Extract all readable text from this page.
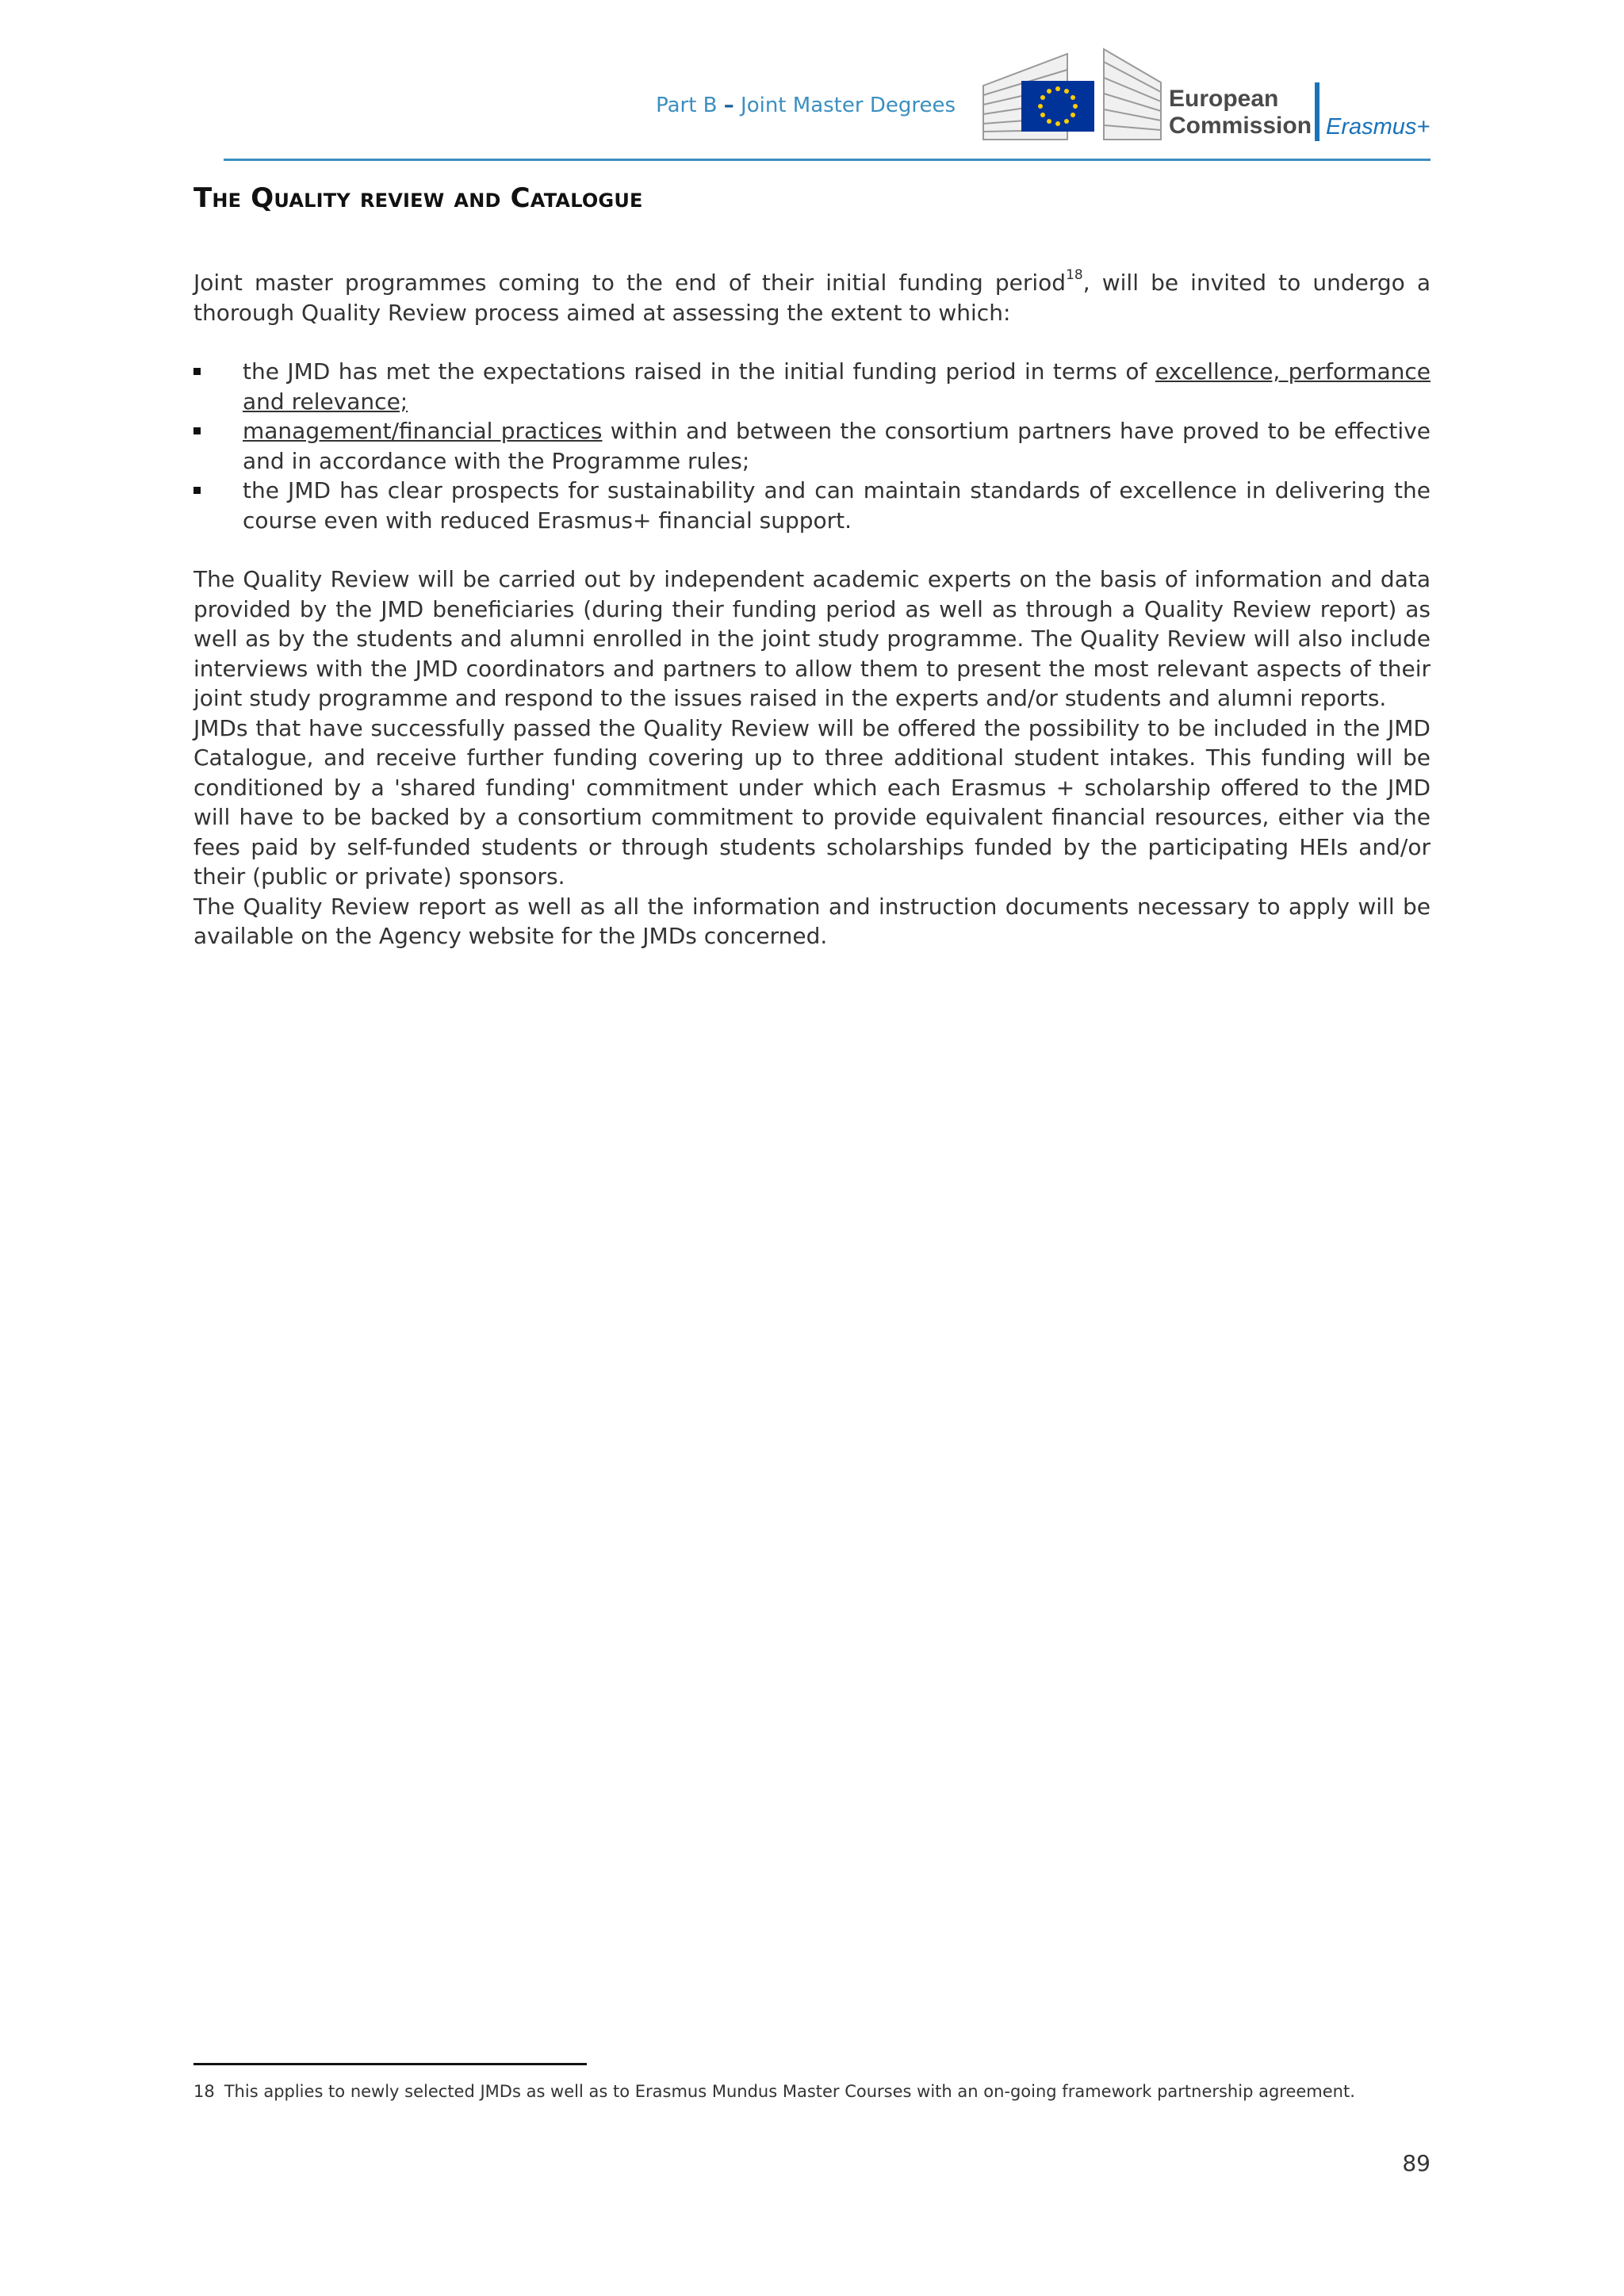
Part B – Joint Master Degrees	European
Commission Erasmus+
The Quality review and Catalogue

Joint master programmes coming to the end of their initial funding period$^{18}$, will be invited to undergo a thorough Quality Review process aimed at assessing the extent to which:

the JMD has met the expectations raised in the initial funding period in terms of excellence, performance and relevance;
management/financial practices within and between the consortium partners have proved to be effective and in accordance with the Programme rules;
the JMD has clear prospects for sustainability and can maintain standards of excellence in delivering the course even with reduced Erasmus+ financial support.

The Quality Review will be carried out by independent academic experts on the basis of information and data provided by the JMD beneficiaries (during their funding period as well as through a Quality Review report) as well as by the students and alumni enrolled in the joint study programme. The Quality Review will also include interviews with the JMD coordinators and partners to allow them to present the most relevant aspects of their joint study programme and respond to the issues raised in the experts and/or students and alumni reports.

JMDs that have successfully passed the Quality Review will be offered the possibility to be included in the JMD Catalogue, and receive further funding covering up to three additional student intakes. This funding will be conditioned by a 'shared funding' commitment under which each Erasmus + scholarship offered to the JMD will have to be backed by a consortium commitment to provide equivalent financial resources, either via the fees paid by self-funded students or through students scholarships funded by the participating HEIs and/or their (public or private) sponsors.

The Quality Review report as well as all the information and instruction documents necessary to apply will be available on the Agency website for the JMDs concerned.

18 This applies to newly selected JMDs as well as to Erasmus Mundus Master Courses with an on-going framework partnership agreement.
89
